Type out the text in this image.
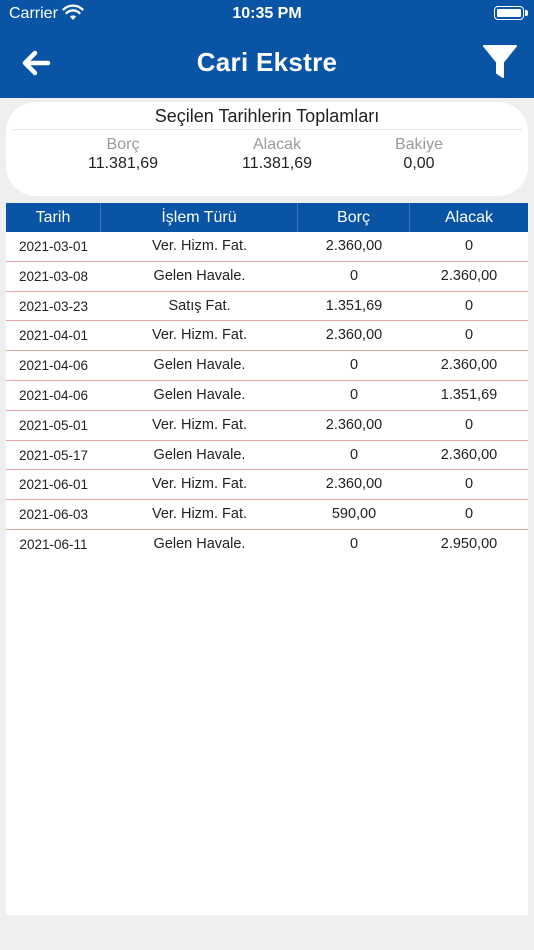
Carrier	10:35 PM
Cari Ekstre
Seçilen Tarihlerin Toplamları
Borç
11.381,69
Alacak
11.381,69
Bakiye
0,00
Tarih	İşlem Türü	Borç	Alacak
2021-03-01	Ver. Hizm. Fat.	2.360,00	0
2021-03-08	Gelen Havale.	0	2.360,00
2021-03-23	Satış Fat.	1.351,69	0
2021-04-01	Ver. Hizm. Fat.	2.360,00	0
2021-04-06	Gelen Havale.	0	2.360,00
2021-04-06	Gelen Havale.	0	1.351,69
2021-05-01	Ver. Hizm. Fat.	2.360,00	0
2021-05-17	Gelen Havale.	0	2.360,00
2021-06-01	Ver. Hizm. Fat.	2.360,00	0
2021-06-03	Ver. Hizm. Fat.	590,00	0
2021-06-11	Gelen Havale.	0	2.950,00
